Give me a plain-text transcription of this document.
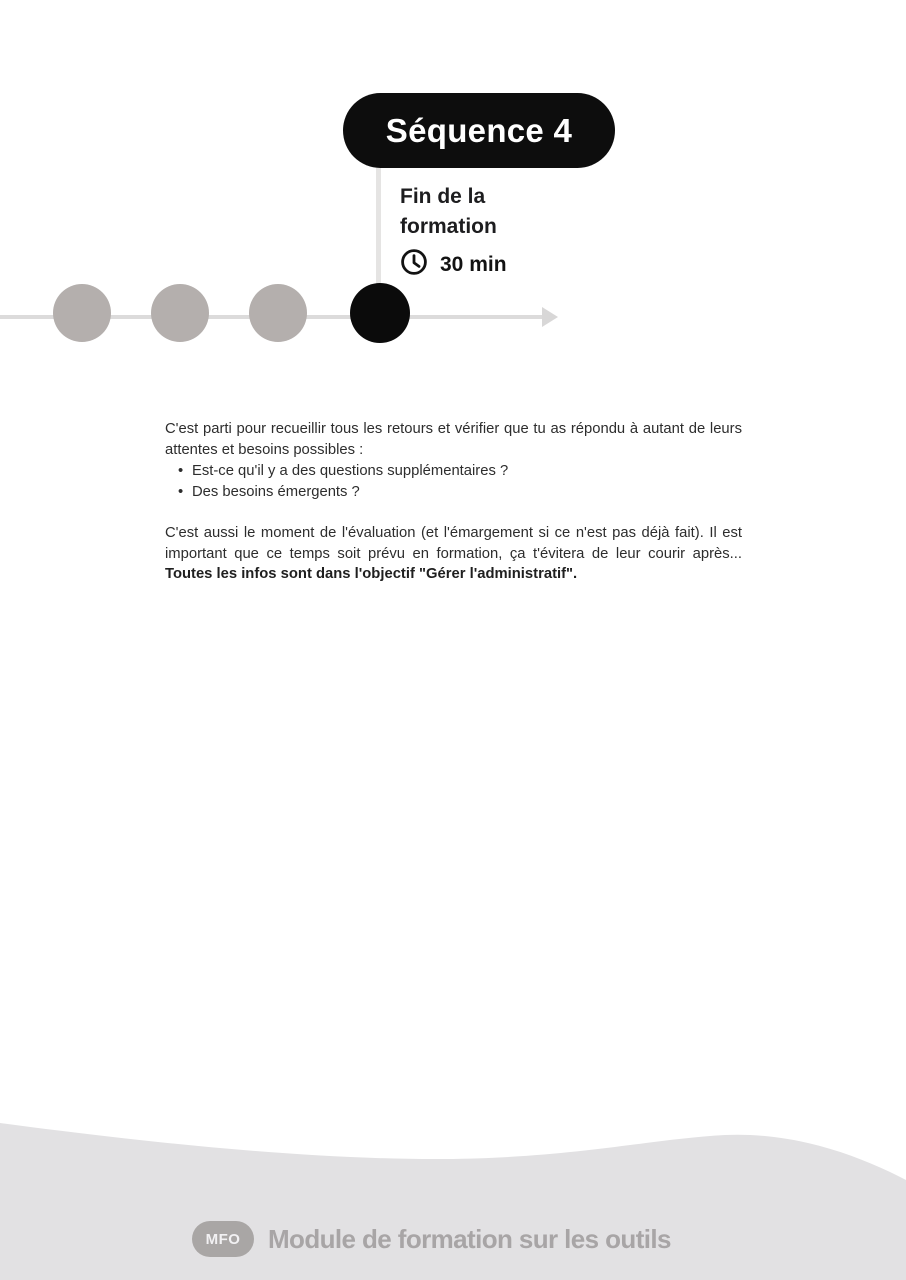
Séquence 4
Fin de la formation
30 min

C'est parti pour recueillir tous les retours et vérifier que tu as répondu à autant de leurs attentes et besoins possibles :

• Est-ce qu'il y a des questions supplémentaires ?
• Des besoins émergents ?

C'est aussi le moment de l'évaluation (et l'émargement si ce n'est pas déjà fait). Il est important que ce temps soit prévu en formation, ça t'évitera de leur courir après... Toutes les infos sont dans l'objectif "Gérer l'administratif".

MFO Module de formation sur les outils
